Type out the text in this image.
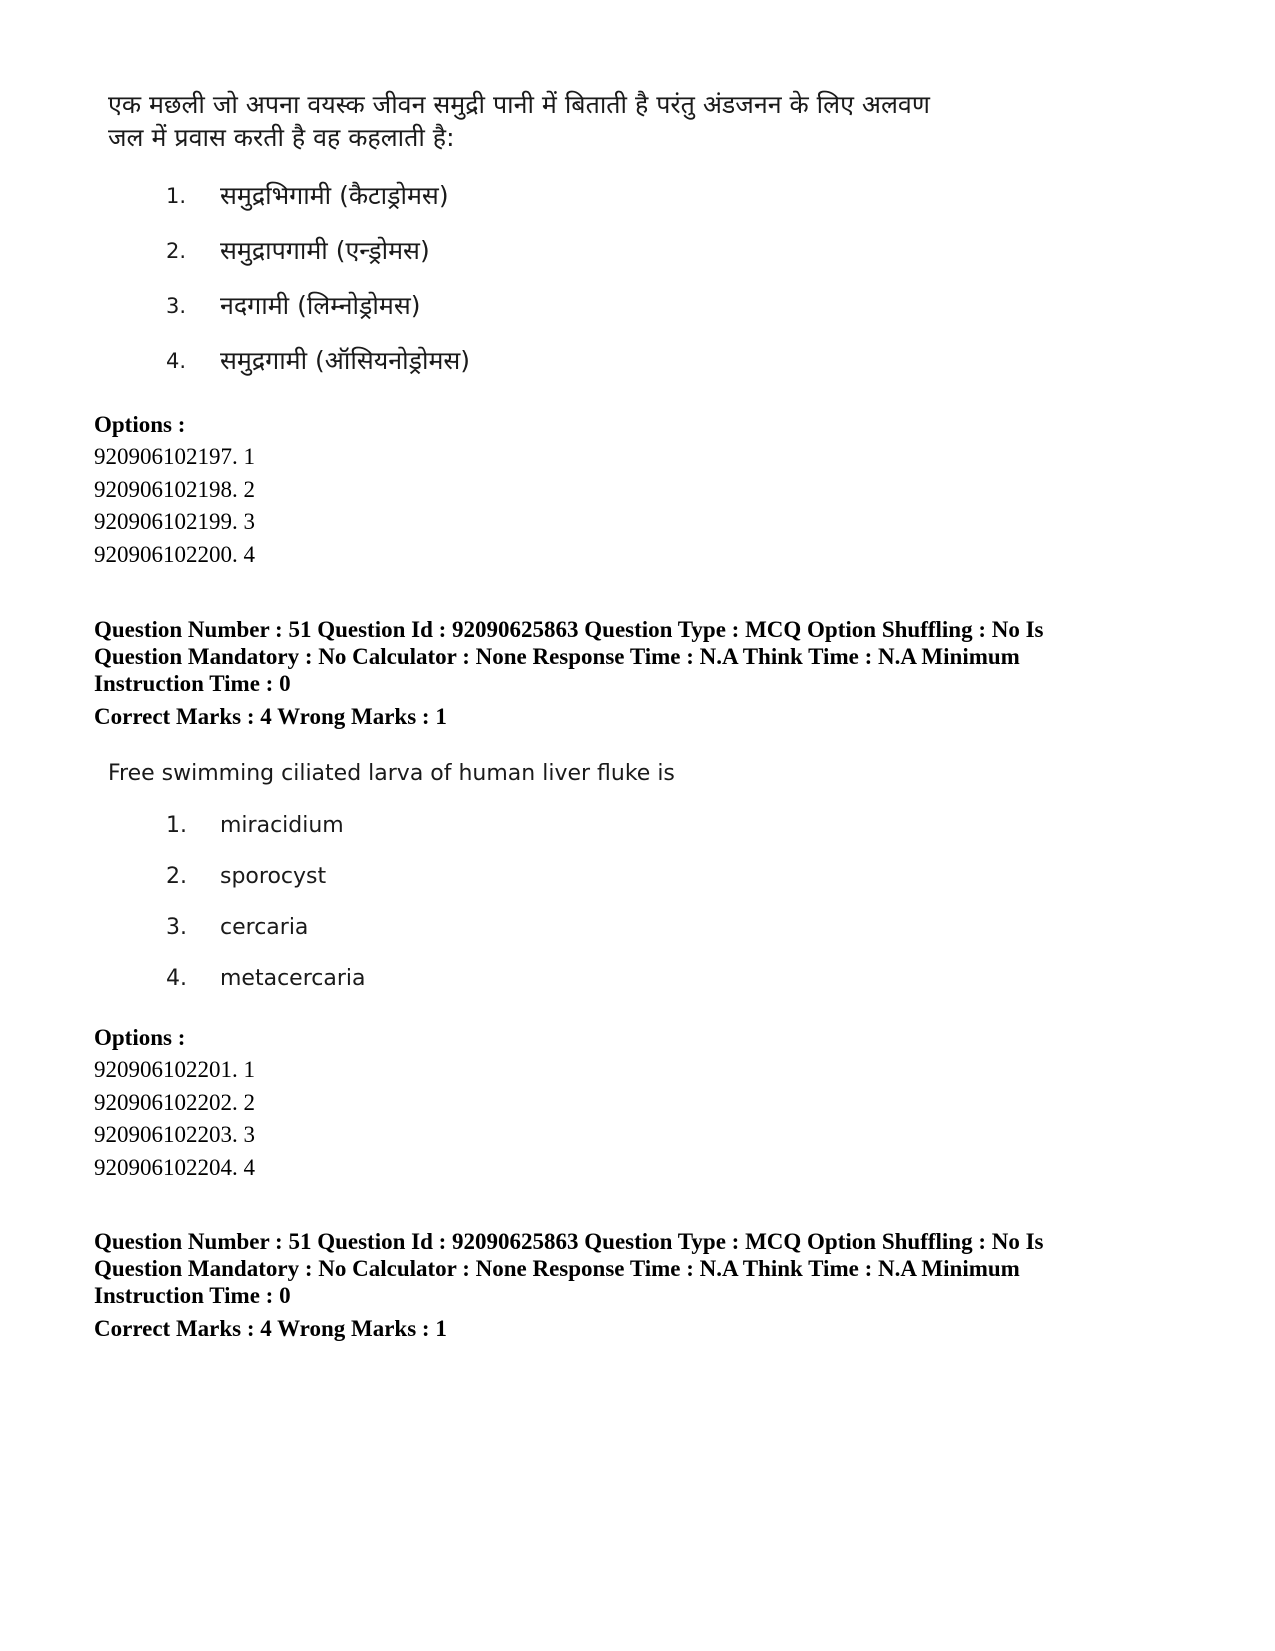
एक मछली जो अपना वयस्क जीवन समुद्री पानी में बिताती है परंतु अंडजनन के लिए अलवण
जल में प्रवास करती है वह कहलाती है:

1. समुद्रभिगामी (कैटाड्रोमस)
2. समुद्रापगामी (एन्ड्रोमस)
3. नदगामी (लिम्नोड्रोमस)
4. समुद्रगामी (ऑसियनोड्रोमस)
Options :
920906102197. 1
920906102198. 2
920906102199. 3
920906102200. 4
Question Number : 51 Question Id : 92090625863 Question Type : MCQ Option Shuffling : No Is
Question Mandatory : No Calculator : None Response Time : N.A Think Time : N.A Minimum
Instruction Time : 0
Correct Marks : 4 Wrong Marks : 1

Free swimming ciliated larva of human liver fluke is

1. miracidium
2. sporocyst
3. cercaria
4. metacercaria
Options :
920906102201. 1
920906102202. 2
920906102203. 3
920906102204. 4
Question Number : 51 Question Id : 92090625863 Question Type : MCQ Option Shuffling : No Is
Question Mandatory : No Calculator : None Response Time : N.A Think Time : N.A Minimum
Instruction Time : 0
Correct Marks : 4 Wrong Marks : 1
